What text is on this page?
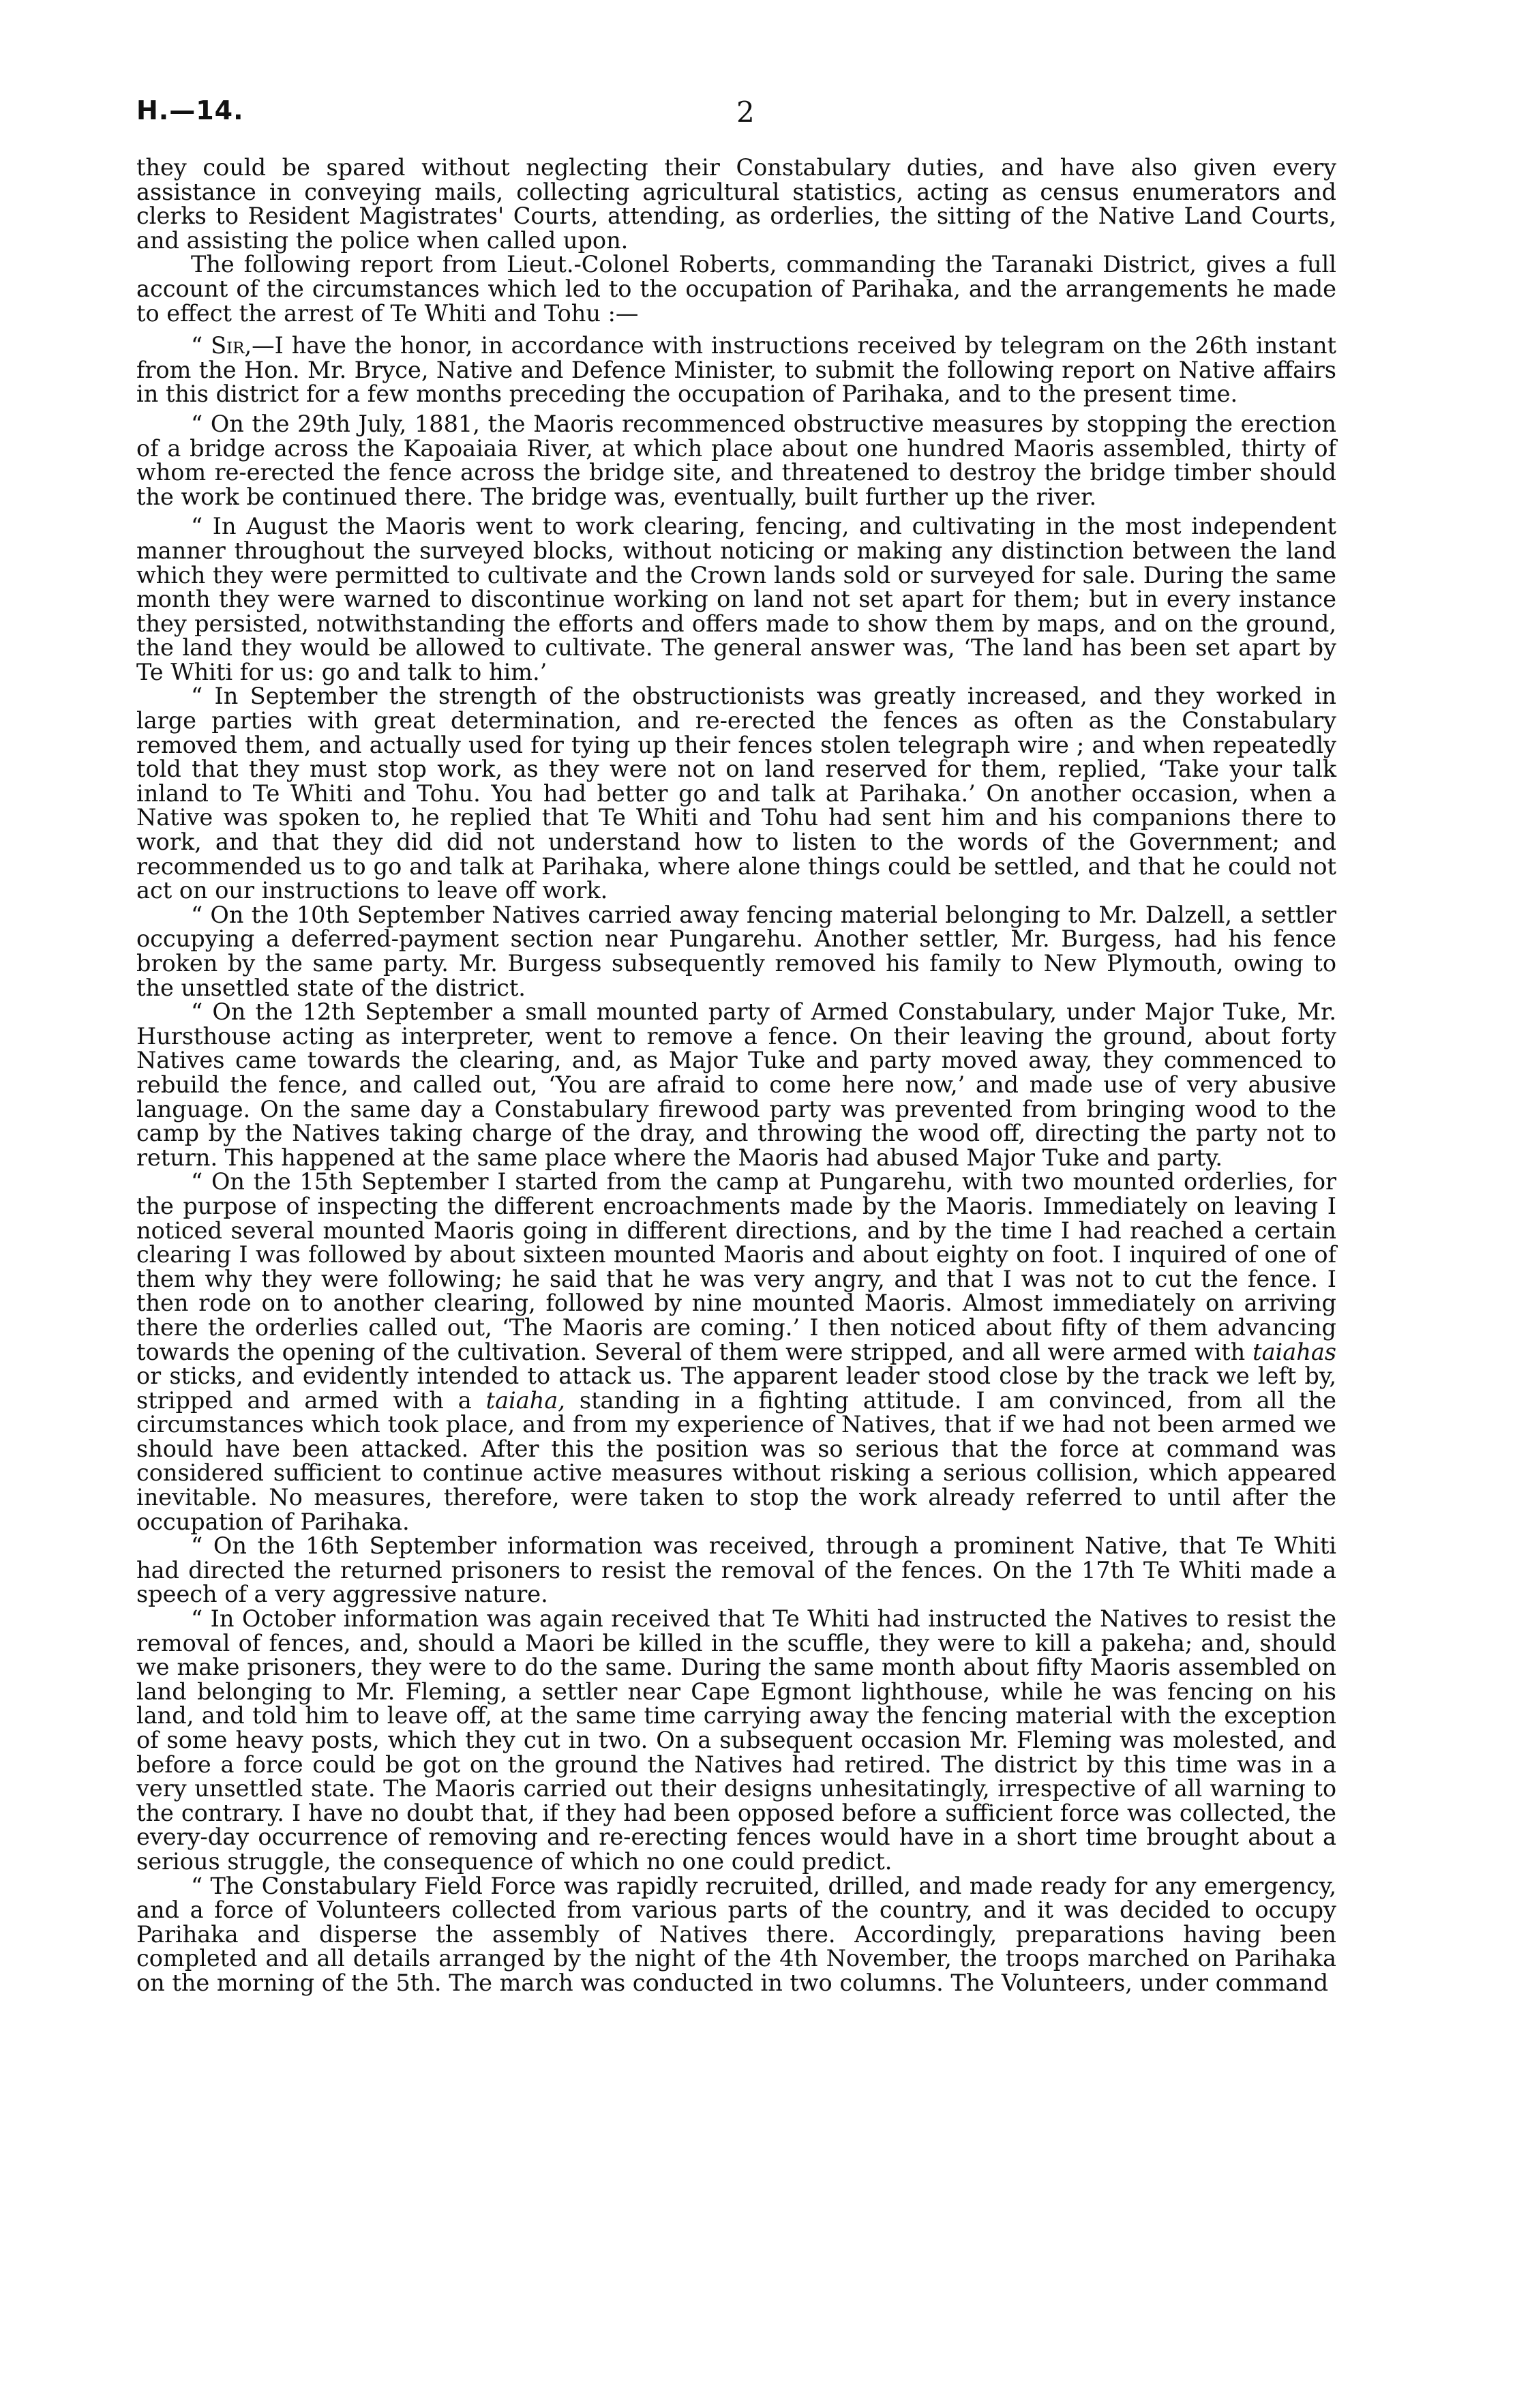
H.—14.	2

they could be spared without neglecting their Constabulary duties, and have also given every assistance in conveying mails, collecting agricultural statistics, acting as census enumerators and clerks to Resident Magistrates' Courts, attending, as orderlies, the sitting of the Native Land Courts, and assisting the police when called upon.

The following report from Lieut.-Colonel Roberts, commanding the Taranaki District, gives a full account of the circumstances which led to the occupation of Parihaka, and the arrangements he made to effect the arrest of Te Whiti and Tohu :—

“ Sir,—I have the honor, in accordance with instructions received by telegram on the 26th instant from the Hon. Mr. Bryce, Native and Defence Minister, to submit the following report on Native affairs in this district for a few months preceding the occupation of Parihaka, and to the present time.

“ On the 29th July, 1881, the Maoris recommenced obstructive measures by stopping the erection of a bridge across the Kapoaiaia River, at which place about one hundred Maoris assembled, thirty of whom re-erected the fence across the bridge site, and threatened to destroy the bridge timber should the work be continued there. The bridge was, eventually, built further up the river.

“ In August the Maoris went to work clearing, fencing, and cultivating in the most independent manner throughout the surveyed blocks, without noticing or making any distinction between the land which they were permitted to cultivate and the Crown lands sold or surveyed for sale. During the same month they were warned to discontinue working on land not set apart for them; but in every instance they persisted, notwithstanding the efforts and offers made to show them by maps, and on the ground, the land they would be allowed to cultivate. The general answer was, ‘The land has been set apart by Te Whiti for us: go and talk to him.’

“ In September the strength of the obstructionists was greatly increased, and they worked in large parties with great determination, and re-erected the fences as often as the Constabulary removed them, and actually used for tying up their fences stolen telegraph wire ; and when repeatedly told that they must stop work, as they were not on land reserved for them, replied, ‘Take your talk inland to Te Whiti and Tohu. You had better go and talk at Parihaka.’ On another occasion, when a Native was spoken to, he replied that Te Whiti and Tohu had sent him and his companions there to work, and that they did did not understand how to listen to the words of the Government; and recommended us to go and talk at Parihaka, where alone things could be settled, and that he could not act on our instructions to leave off work.

“ On the 10th September Natives carried away fencing material belonging to Mr. Dalzell, a settler occupying a deferred-payment section near Pungarehu. Another settler, Mr. Burgess, had his fence broken by the same party. Mr. Burgess subsequently removed his family to New Plymouth, owing to the unsettled state of the district.

“ On the 12th September a small mounted party of Armed Constabulary, under Major Tuke, Mr. Hursthouse acting as interpreter, went to remove a fence. On their leaving the ground, about forty Natives came towards the clearing, and, as Major Tuke and party moved away, they commenced to rebuild the fence, and called out, ‘You are afraid to come here now,’ and made use of very abusive language. On the same day a Constabulary firewood party was prevented from bringing wood to the camp by the Natives taking charge of the dray, and throwing the wood off, directing the party not to return. This happened at the same place where the Maoris had abused Major Tuke and party.

“ On the 15th September I started from the camp at Pungarehu, with two mounted orderlies, for the purpose of inspecting the different encroachments made by the Maoris. Immediately on leaving I noticed several mounted Maoris going in different directions, and by the time I had reached a certain clearing I was followed by about sixteen mounted Maoris and about eighty on foot. I inquired of one of them why they were following; he said that he was very angry, and that I was not to cut the fence. I then rode on to another clearing, followed by nine mounted Maoris. Almost immediately on arriving there the orderlies called out, ‘The Maoris are coming.’ I then noticed about fifty of them advancing towards the opening of the cultivation. Several of them were stripped, and all were armed with taiahas or sticks, and evidently intended to attack us. The apparent leader stood close by the track we left by, stripped and armed with a taiaha, standing in a fighting attitude. I am convinced, from all the circumstances which took place, and from my experience of Natives, that if we had not been armed we should have been attacked. After this the position was so serious that the force at command was considered sufficient to continue active measures without risking a serious collision, which appeared inevitable. No measures, therefore, were taken to stop the work already referred to until after the occupation of Parihaka.

“ On the 16th September information was received, through a prominent Native, that Te Whiti had directed the returned prisoners to resist the removal of the fences. On the 17th Te Whiti made a speech of a very aggressive nature.

“ In October information was again received that Te Whiti had instructed the Natives to resist the removal of fences, and, should a Maori be killed in the scuffle, they were to kill a pakeha; and, should we make prisoners, they were to do the same. During the same month about fifty Maoris assembled on land belonging to Mr. Fleming, a settler near Cape Egmont lighthouse, while he was fencing on his land, and told him to leave off, at the same time carrying away the fencing material with the exception of some heavy posts, which they cut in two. On a subsequent occasion Mr. Fleming was molested, and before a force could be got on the ground the Natives had retired. The district by this time was in a very unsettled state. The Maoris carried out their designs unhesitatingly, irrespective of all warning to the contrary. I have no doubt that, if they had been opposed before a sufficient force was collected, the every-day occurrence of removing and re-erecting fences would have in a short time brought about a serious struggle, the consequence of which no one could predict.

“ The Constabulary Field Force was rapidly recruited, drilled, and made ready for any emergency, and a force of Volunteers collected from various parts of the country, and it was decided to occupy Parihaka and disperse the assembly of Natives there. Accordingly, preparations having been completed and all details arranged by the night of the 4th November, the troops marched on Parihaka on the morning of the 5th. The march was conducted in two columns. The Volunteers, under command
